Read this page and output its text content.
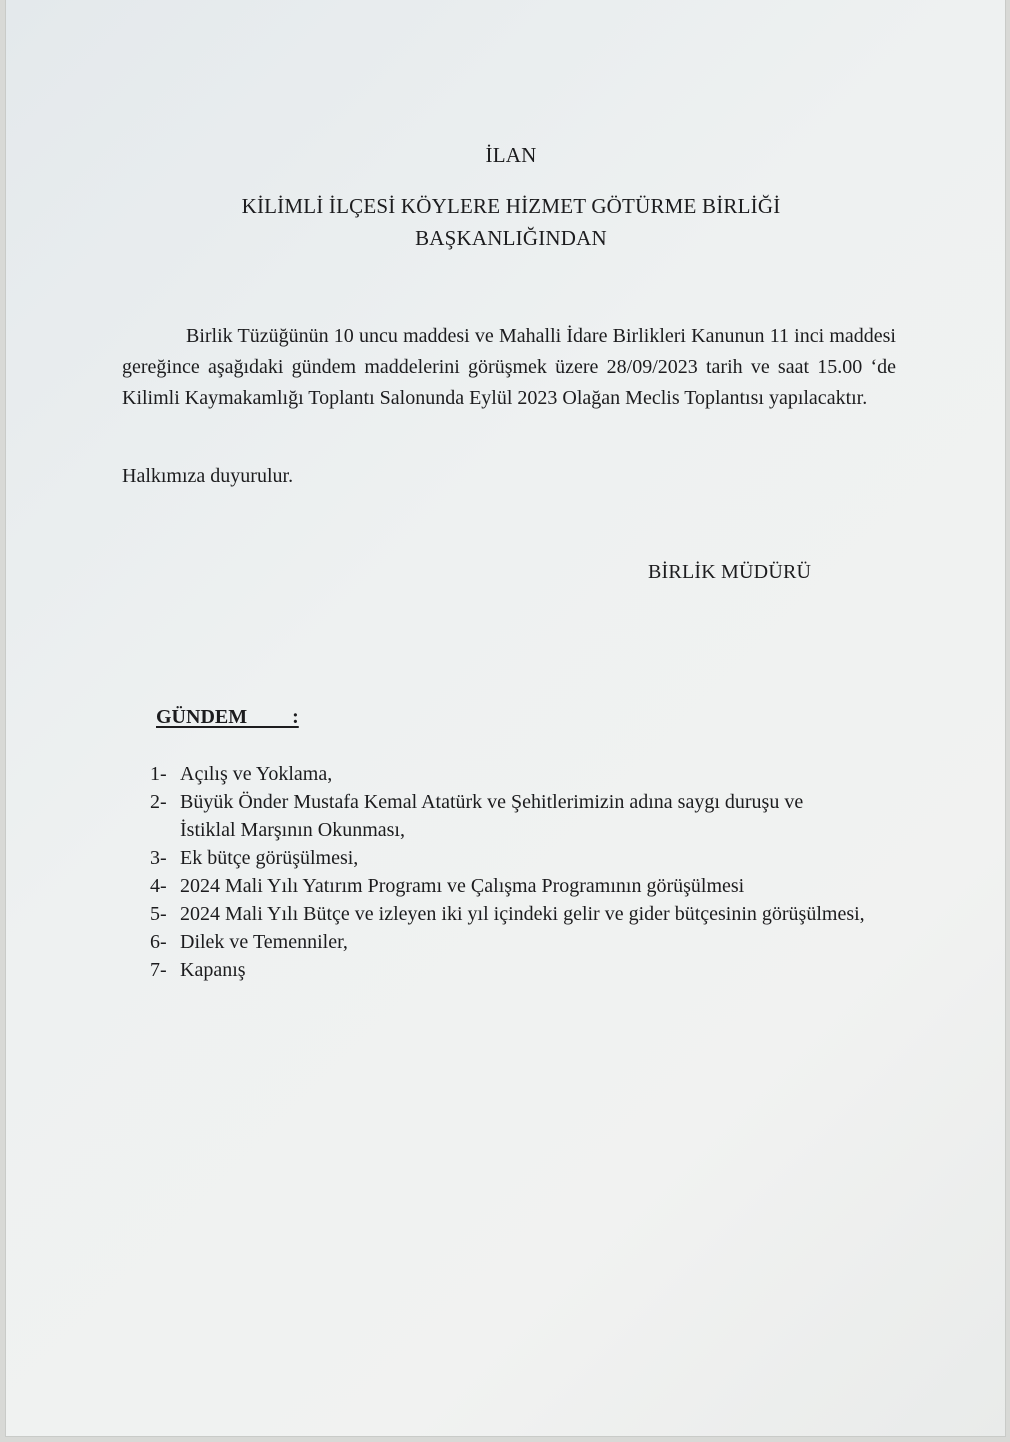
İLAN
KİLİMLİ İLÇESİ KÖYLERE HİZMET GÖTÜRME BİRLİĞİ
BAŞKANLIĞINDAN
Birlik Tüzüğünün 10 uncu maddesi ve Mahalli İdare Birlikleri Kanunun 11 inci maddesi gereğince aşağıdaki gündem maddelerini görüşmek üzere 28/09/2023 tarih ve saat 15.00 ‘de Kilimli Kaymakamlığı Toplantı Salonunda Eylül 2023 Olağan Meclis Toplantısı yapılacaktır.
Halkımıza duyurulur.
BİRLİK MÜDÜRÜ
GÜNDEM         :
1- Açılış ve Yoklama,
2- Büyük Önder Mustafa Kemal Atatürk ve Şehitlerimizin adına saygı duruşu ve İstiklal Marşının Okunması,
3- Ek bütçe görüşülmesi,
4- 2024 Mali Yılı Yatırım Programı ve Çalışma Programının görüşülmesi
5- 2024 Mali Yılı Bütçe ve izleyen iki yıl içindeki gelir ve gider bütçesinin görüşülmesi,
6- Dilek ve Temenniler,
7- Kapanış
